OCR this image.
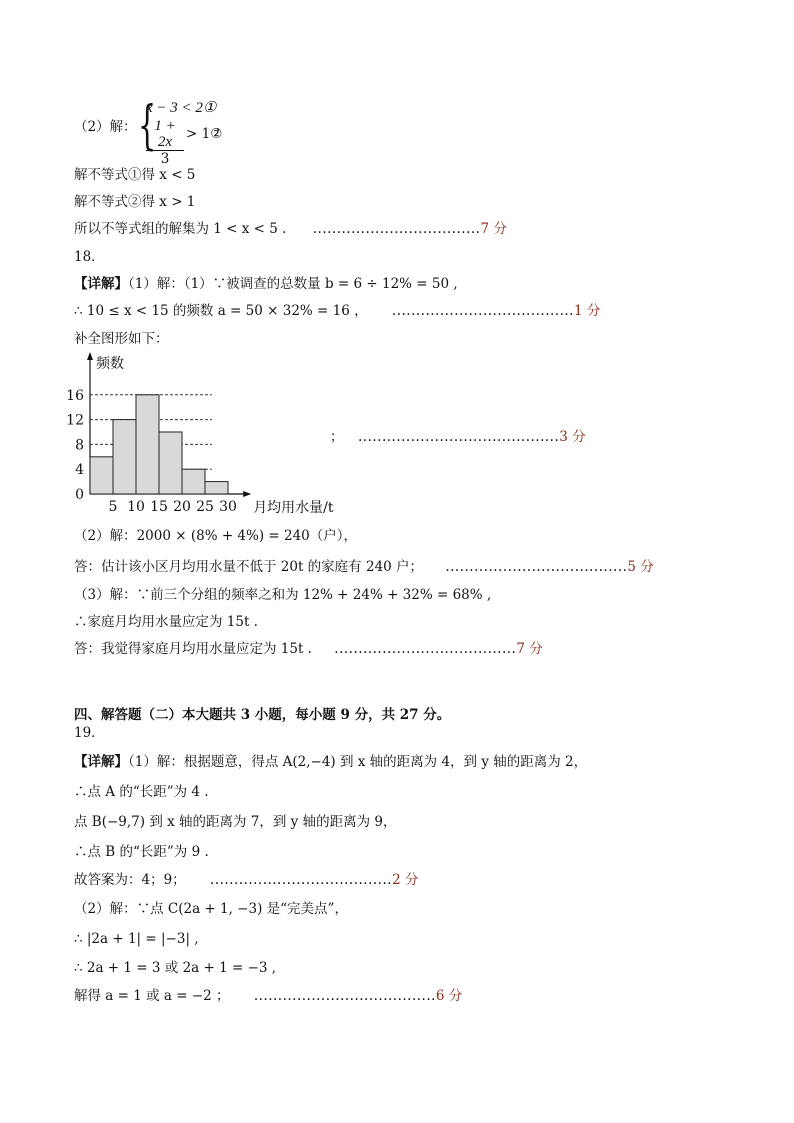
（2）解： {
x − 3 < 2①
$\frac{1 + 2x}{3}$ > 1②
，
解不等式①得 x < 5
解不等式②得 x > 1
所以不等式组的解集为 1 < x < 5 . ...................................7 分
18．
【详解】（1）解：（1）∵被调查的总数量 b = 6 ÷ 12% = 50 ,
∴ 10 ≤ x < 15 的频数 a = 50 × 32% = 16 ， ......................................1 分
补全图形如下：
0
4
8
12
16
5 10 15 20 25 30
频数
月均用水量/t
； ..........................................3 分
（2）解：2000 × (8% + 4%) = 240（户），
答：估计该小区月均用水量不低于 20t 的家庭有 240 户； ......................................5 分
（3）解：∵前三个分组的频率之和为 12% + 24% + 32% = 68% ,
∴家庭月均用水量应定为 15t .
答：我觉得家庭月均用水量应定为 15t . ......................................7 分
四、解答题（二）本大题共 3 小题，每小题 9 分，共 27 分。
19．
【详解】（1）解：根据题意，得点 A(2,−4) 到 x 轴的距离为 4，到 y 轴的距离为 2，
∴点 A 的“长距”为 4 .
点 B(−9,7) 到 x 轴的距离为 7，到 y 轴的距离为 9，
∴点 B 的“长距”为 9 .
故答案为：4；9； ......................................2 分
（2）解：∵点 C(2a + 1, −3) 是“完美点”，
∴ |2a + 1| = |−3| ,
∴ 2a + 1 = 3 或 2a + 1 = −3 ,
解得 a = 1 或 a = −2 ； ......................................6 分
